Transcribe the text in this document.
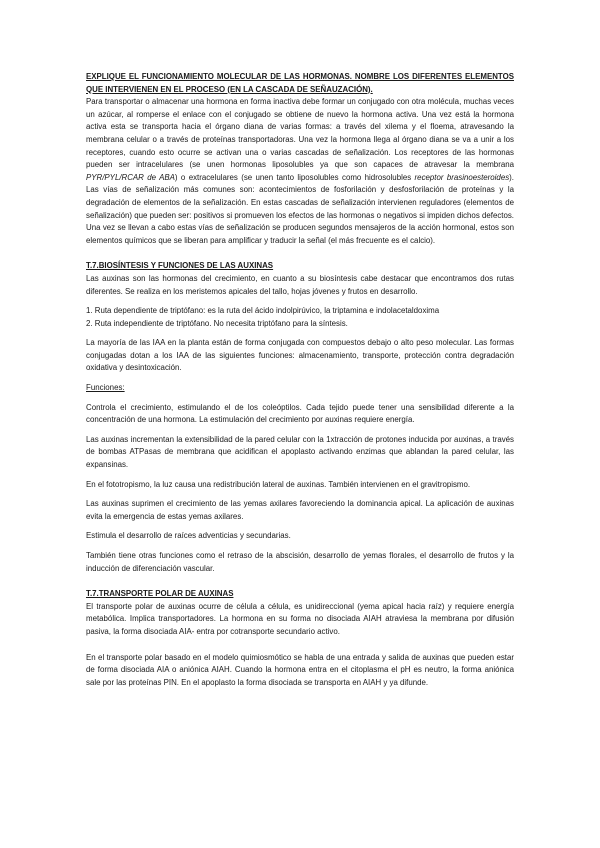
EXPLIQUE EL FUNCIONAMIENTO MOLECULAR DE LAS HORMONAS. NOMBRE LOS DIFERENTES ELEMENTOS QUE INTERVIENEN EN EL PROCESO (EN LA CASCADA DE SEÑAUZACIÓN).

Para transportar o almacenar una hormona en forma inactiva debe formar un conjugado con otra molécula, muchas veces un azúcar, al romperse el enlace con el conjugado se obtiene de nuevo la hormona activa. Una vez está la hormona activa esta se transporta hacia el órgano diana de varias formas: a través del xilema y el floema, atravesando la membrana celular o a través de proteínas transportadoras. Una vez la hormona llega al órgano diana se va a unir a los receptores, cuando esto ocurre se activan una o varias cascadas de señalización. Los receptores de las hormonas pueden ser intracelulares (se unen hormonas liposolubles ya que son capaces de atravesar la membrana PYR/PYL/RCAR de ABA) o extracelulares (se unen tanto liposolubles como hidrosolubles receptor brasinoesteroides). Las vías de señalización más comunes son: acontecimientos de fosforilación y desfosforilación de proteínas y la degradación de elementos de la señalización. En estas cascadas de señalización intervienen reguladores (elementos de señalización) que pueden ser: positivos si promueven los efectos de las hormonas o negativos si impiden dichos defectos. Una vez se llevan a cabo estas vías de señalización se producen segundos mensajeros de la acción hormonal, estos son elementos químicos que se liberan para amplificar y traducir la señal (el más frecuente es el calcio).

T.7.BIOSÍNTESIS Y FUNCIONES DE LAS AUXINAS

Las auxinas son las hormonas del crecimiento, en cuanto a su biosíntesis cabe destacar que encontramos dos rutas diferentes. Se realiza en los meristemos apicales del tallo, hojas jóvenes y frutos en desarrollo.

1. Ruta dependiente de triptófano: es la ruta del ácido indolpirúvico, la triptamina e indolacetaldoxima

2. Ruta independiente de triptófano. No necesita triptófano para la síntesis.

La mayoría de las IAA en la planta están de forma conjugada con compuestos debajo o alto peso molecular. Las formas conjugadas dotan a los IAA de las siguientes funciones: almacenamiento, transporte, protección contra degradación oxidativa y desintoxicación.

Funciones:

Controla el crecimiento, estimulando el de los coleóptilos. Cada tejido puede tener una sensibilidad diferente a la concentración de una hormona. La estimulación del crecimiento por auxinas requiere energía.

Las auxinas incrementan la extensibilidad de la pared celular con la 1xtracción de protones inducida por auxinas, a través de bombas ATPasas de membrana que acidifican el apoplasto activando enzimas que ablandan la pared celular, las expansinas.

En el fototropismo, la luz causa una redistribución lateral de auxinas. También intervienen en el gravitropismo.

Las auxinas suprimen el crecimiento de las yemas axilares favoreciendo la dominancia apical. La aplicación de auxinas evita la emergencia de estas yemas axilares.

Estimula el desarrollo de raíces adventicias y secundarias.

También tiene otras funciones como el retraso de la abscisión, desarrollo de yemas florales, el desarrollo de frutos y la inducción de diferenciación vascular.

T.7.TRANSPORTE POLAR DE AUXINAS

El transporte polar de auxinas ocurre de célula a célula, es unidireccional (yema apical hacia raíz) y requiere energía metabólica. Implica transportadores. La hormona en su forma no disociada AIAH atraviesa la membrana por difusión pasiva, la forma disociada AIA- entra por cotransporte secundario activo.

En el transporte polar basado en el modelo quimiosmótico se habla de una entrada y salida de auxinas que pueden estar de forma disociada AIA o aniónica AIAH. Cuando la hormona entra en el citoplasma el pH es neutro, la forma aniónica sale por las proteínas PIN. En el apoplasto la forma disociada se transporta en AIAH y ya difunde.
